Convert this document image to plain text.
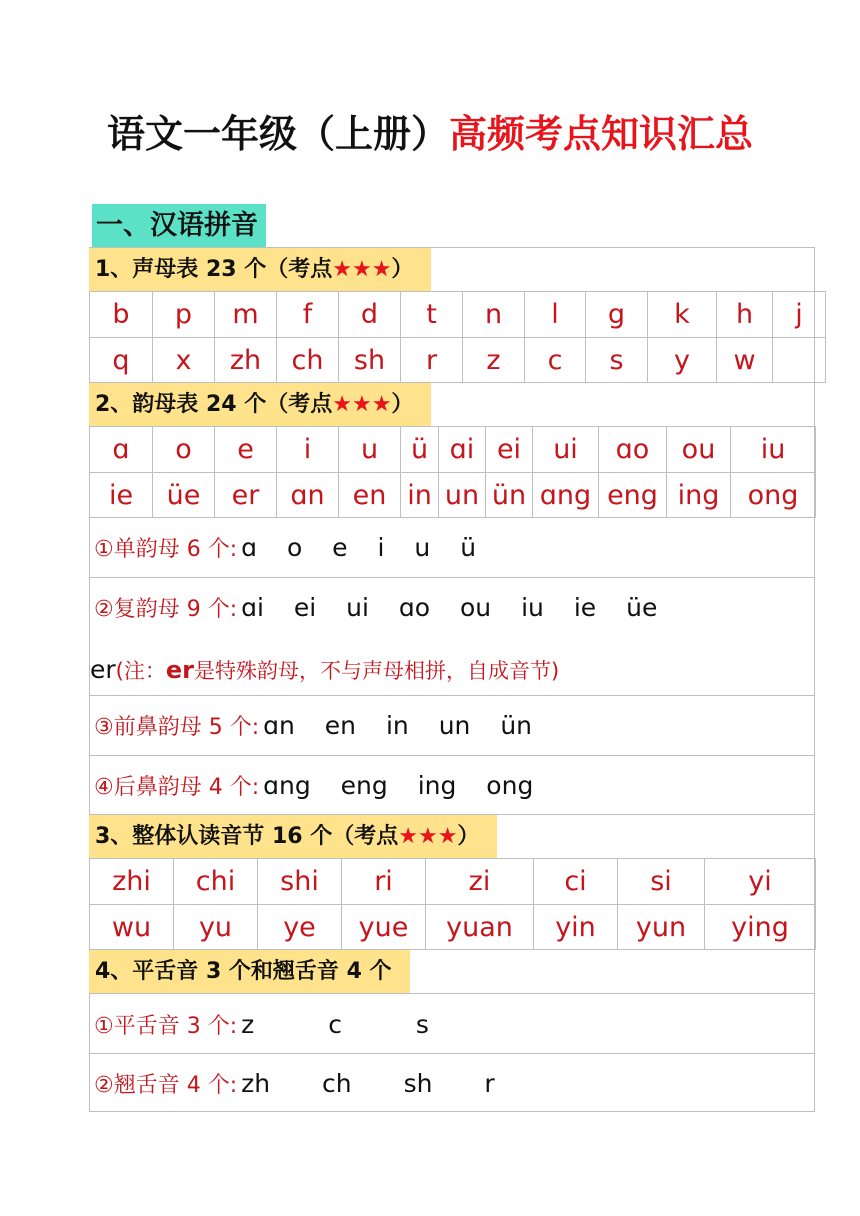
语文一年级（上册）高频考点知识汇总
一、汉语拼音
1、声母表 23 个（考点★★★）
b	p	m	f	d	t	n	l	g	k	h	j
q	x	zh	ch	sh	r	z	c	s	y	w	
2、韵母表 24 个（考点★★★）
ɑ	o	e	i	u	ü	ɑi	ei	ui	ɑo	ou	iu
ie	üe	er	ɑn	en	in	un	ün	ɑng	eng	ing	ong
①单韵母 6 个: ɑ o e i u ü
②复韵母 9 个: ɑi ei ui ɑo ou iu ie üe
er(注：er是特殊韵母，不与声母相拼，自成音节)
③前鼻韵母 5 个: ɑn en in un ün
④后鼻韵母 4 个: ɑng eng ing ong
3、整体认读音节 16 个（考点★★★）
zhi	chi	shi	ri	zi	ci	si	yi
wu	yu	ye	yue	yuan	yin	yun	ying
4、平舌音 3 个和翘舌音 4 个
①平舌音 3 个: z c s
②翘舌音 4 个: zh ch sh r
